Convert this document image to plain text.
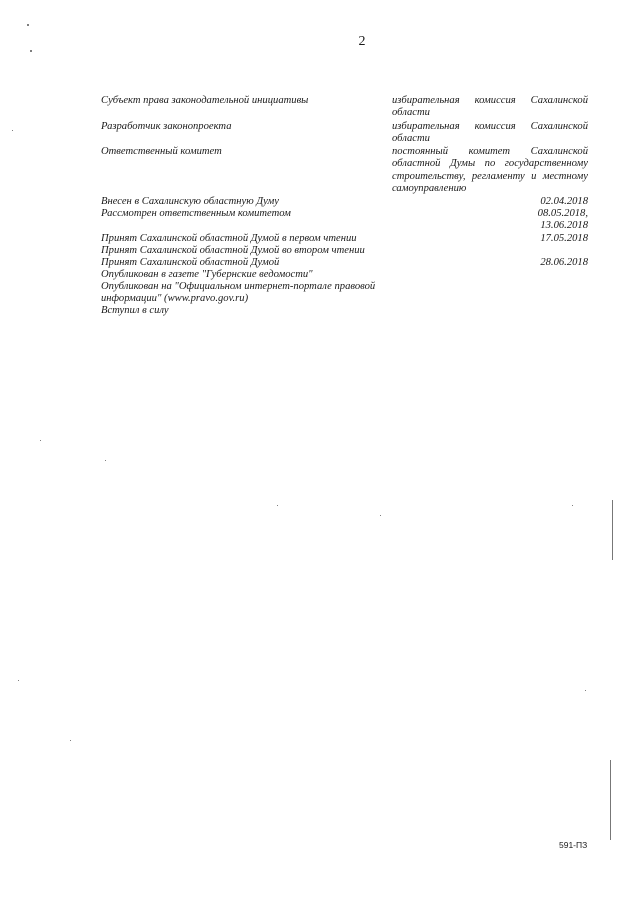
2
Субъект права законодательной инициативы	избирательная комиссия Сахалинской
области
Разработчик законопроекта	избирательная комиссия Сахалинской
области
Ответственный комитет	постоянный комитет Сахалинской
областной Думы по государственному
строительству, регламенту и местному
самоуправлению
Внесен в Сахалинскую областную Думу	02.04.2018
Рассмотрен ответственным комитетом	08.05.2018,
13.06.2018
Принят Сахалинской областной Думой в первом чтении	17.05.2018
Принят Сахалинской областной Думой во втором чтении
Принят Сахалинской областной Думой	28.06.2018
Опубликован в газете "Губернские ведомости"
Опубликован на "Официальном интернет-портале правовой
информации" (www.pravo.gov.ru)
Вступил в силу
591-ПЗ
